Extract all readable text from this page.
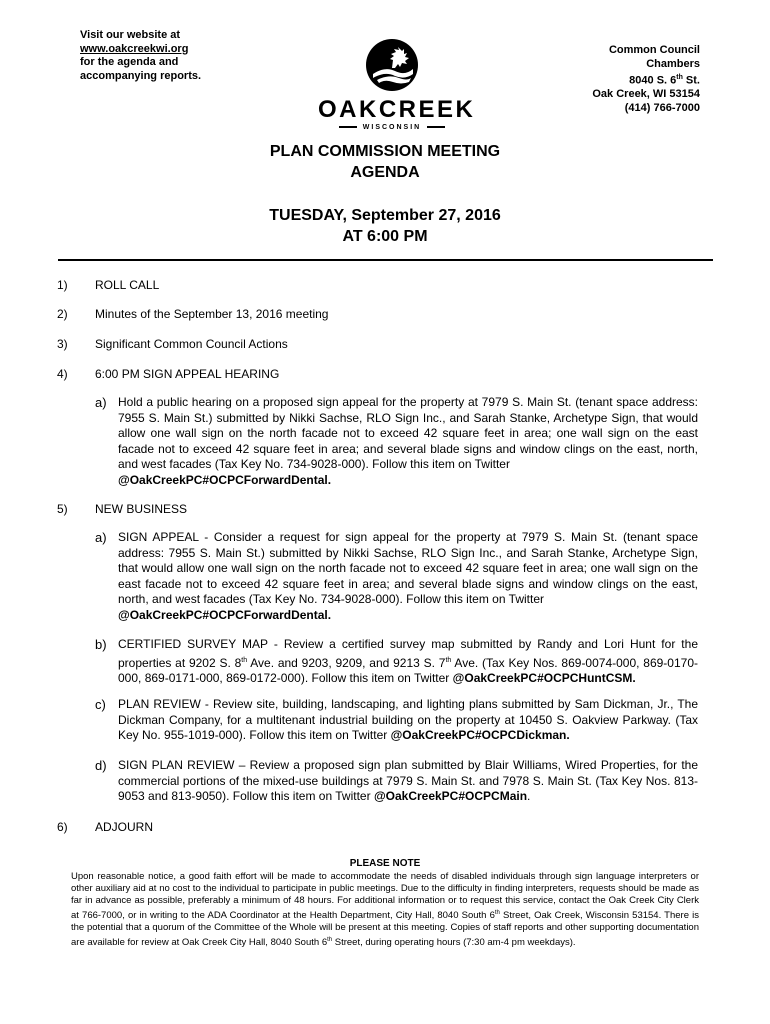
Visit our website at
www.oakcreekwi.org
for the agenda and
accompanying reports.
OAKCREEK
WISCONSIN
Common Council
Chambers
8040 S. 6th St.
Oak Creek, WI 53154
(414) 766-7000
PLAN COMMISSION MEETING
AGENDA
TUESDAY, September 27, 2016
AT 6:00 PM
1) ROLL CALL
2) Minutes of the September 13, 2016 meeting
3) Significant Common Council Actions
4) 6:00 PM SIGN APPEAL HEARING
a) Hold a public hearing on a proposed sign appeal for the property at 7979 S. Main St. (tenant space address: 7955 S. Main St.) submitted by Nikki Sachse, RLO Sign Inc., and Sarah Stanke, Archetype Sign, that would allow one wall sign on the north facade not to exceed 42 square feet in area; one wall sign on the east facade not to exceed 42 square feet in area; and several blade signs and window clings on the east, north, and west facades (Tax Key No. 734-9028-000). Follow this item on Twitter
@OakCreekPC#OCPCForwardDental.
5) NEW BUSINESS
a) SIGN APPEAL - Consider a request for sign appeal for the property at 7979 S. Main St. (tenant space address: 7955 S. Main St.) submitted by Nikki Sachse, RLO Sign Inc., and Sarah Stanke, Archetype Sign, that would allow one wall sign on the north facade not to exceed 42 square feet in area; one wall sign on the east facade not to exceed 42 square feet in area; and several blade signs and window clings on the east, north, and west facades (Tax Key No. 734-9028-000). Follow this item on Twitter
@OakCreekPC#OCPCForwardDental.
b) CERTIFIED SURVEY MAP - Review a certified survey map submitted by Randy and Lori Hunt for the properties at 9202 S. 8th Ave. and 9203, 9209, and 9213 S. 7th Ave. (Tax Key Nos. 869-0074-000, 869-0170-000, 869-0171-000, 869-0172-000). Follow this item on Twitter @OakCreekPC#OCPCHuntCSM.
c) PLAN REVIEW - Review site, building, landscaping, and lighting plans submitted by Sam Dickman, Jr., The Dickman Company, for a multitenant industrial building on the property at 10450 S. Oakview Parkway. (Tax Key No. 955-1019-000). Follow this item on Twitter @OakCreekPC#OCPCDickman.
d) SIGN PLAN REVIEW – Review a proposed sign plan submitted by Blair Williams, Wired Properties, for the commercial portions of the mixed-use buildings at 7979 S. Main St. and 7978 S. Main St. (Tax Key Nos. 813-9053 and 813-9050). Follow this item on Twitter @OakCreekPC#OCPCMain.
6) ADJOURN
PLEASE NOTE
Upon reasonable notice, a good faith effort will be made to accommodate the needs of disabled individuals through sign language interpreters or other auxiliary aid at no cost to the individual to participate in public meetings. Due to the difficulty in finding interpreters, requests should be made as far in advance as possible, preferably a minimum of 48 hours. For additional information or to request this service, contact the Oak Creek City Clerk at 766-7000, or in writing to the ADA Coordinator at the Health Department, City Hall, 8040 South 6th Street, Oak Creek, Wisconsin 53154. There is the potential that a quorum of the Committee of the Whole will be present at this meeting. Copies of staff reports and other supporting documentation are available for review at Oak Creek City Hall, 8040 South 6th Street, during operating hours (7:30 am-4 pm weekdays).
